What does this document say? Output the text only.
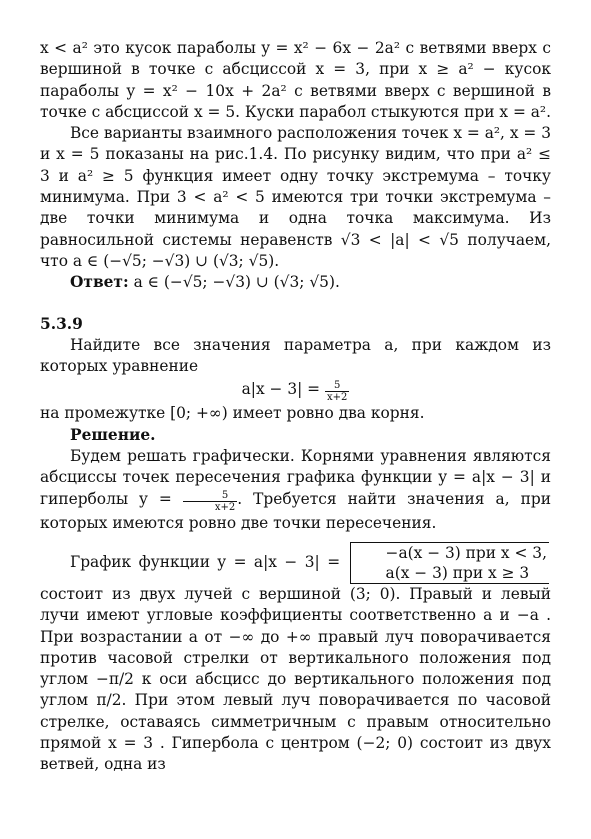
x < a² это кусок параболы y = x² − 6x − 2a² с ветвями вверх с вершиной в точке с абсциссой x = 3, при x ≥ a² − кусок параболы y = x² − 10x + 2a² с ветвями вверх с вершиной в точке с абсциссой x = 5. Куски парабол стыкуются при x = a².

Все варианты взаимного расположения точек x = a², x = 3 и x = 5 показаны на рис.1.4. По рисунку видим, что при a² ≤ 3 и a² ≥ 5 функция имеет одну точку экстремума – точку минимума. При 3 < a² < 5 имеются три точки экстремума – две точки минимума и одна точка максимума. Из равносильной системы неравенств √3 < |a| < √5 получаем, что a ∈ (−√5; −√3) ∪ (√3; √5).

Ответ: a ∈ (−√5; −√3) ∪ (√3; √5).

5.3.9

Найдите все значения параметра a, при каждом из которых уравнение

$a|x - 3| = \frac{5}{x+2}$

на промежутке [0; +∞) имеет ровно два корня.

Решение.

Будем решать графически. Корнями уравнения являются абсциссы точек пересечения графика функции y = a|x − 3| и гиперболы $y = \frac{5}{x+2}$ . Требуется найти значения a, при которых имеются ровно две точки пересечения.

График функции y = a|x − 3| =	−a(x − 3) при x < 3,
a(x − 3) при x ≥ 3
состоит из двух лучей с вершиной (3; 0). Правый и левый лучи имеют угловые коэффициенты соответственно a и −a . При возрастании a от −∞ до +∞ правый луч поворачивается против часовой стрелки от вертикального положения под углом −π/2 к оси абсцисс до вертикального положения под углом π/2. При этом левый луч поворачивается по часовой стрелке, оставаясь симметричным с правым относительно прямой x = 3 . Гипербола с центром (−2; 0) состоит из двух ветвей, одна из
